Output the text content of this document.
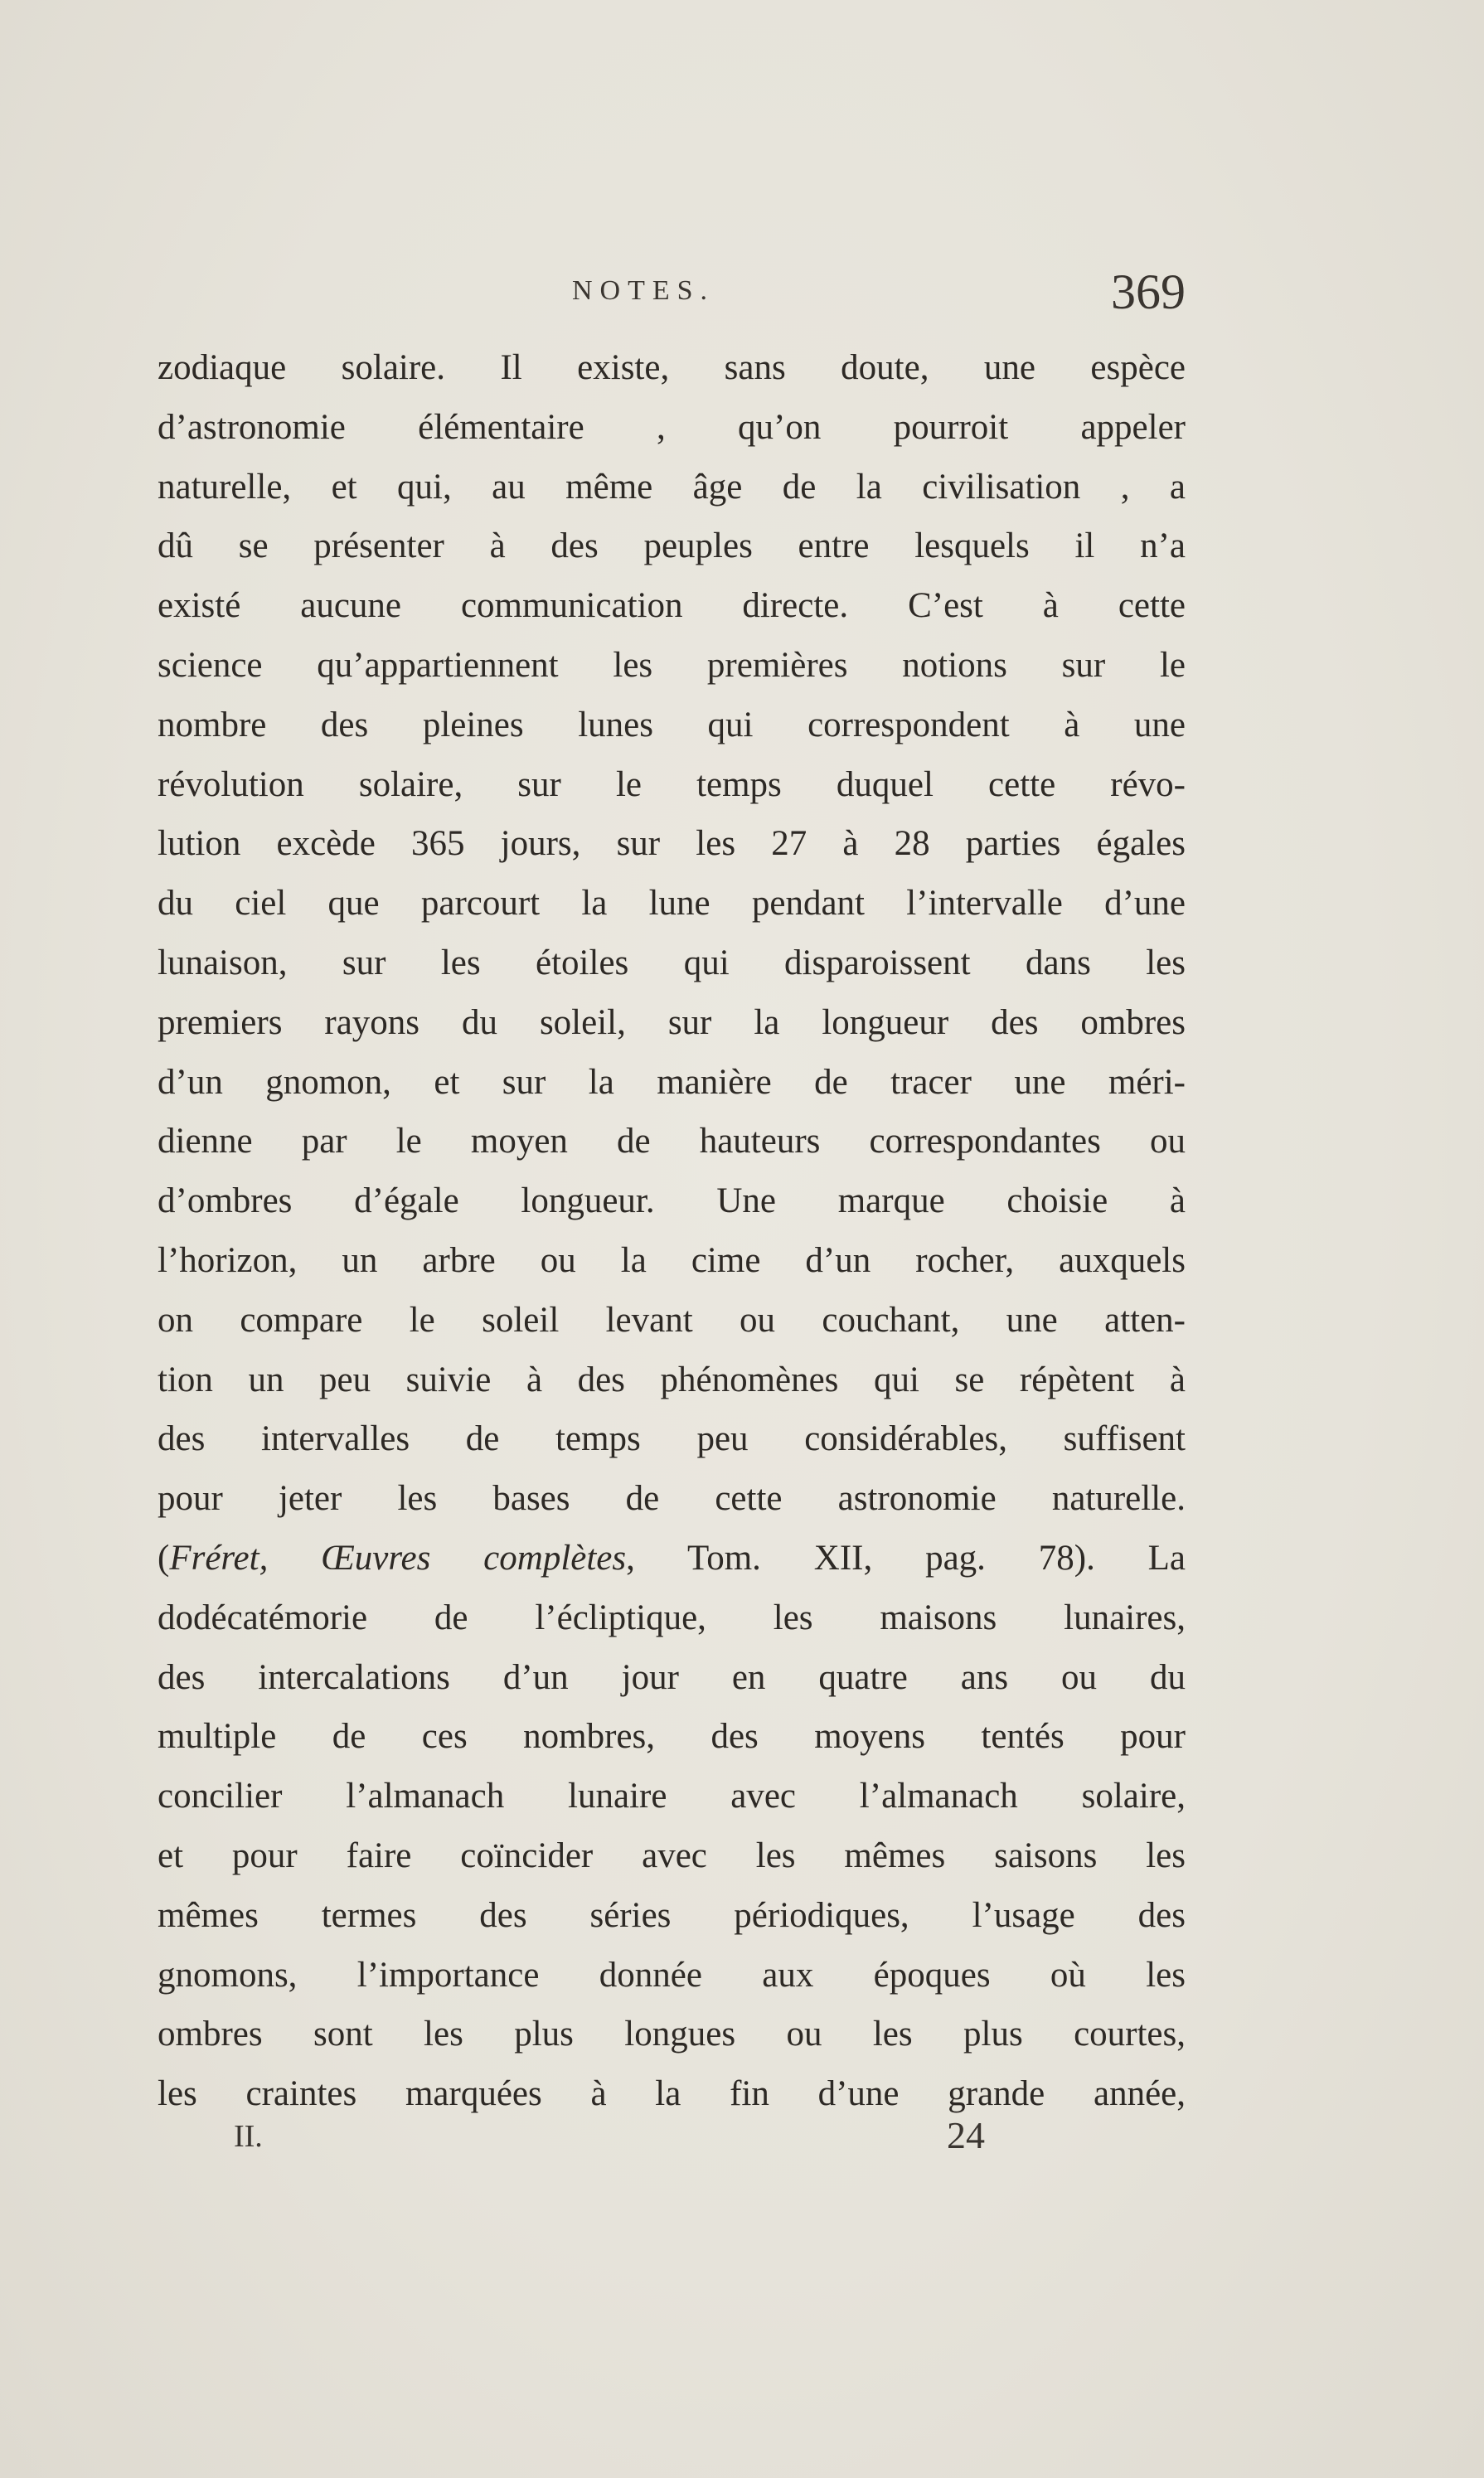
NOTES.	369
zodiaque solaire. Il existe, sans doute, une espèce
d’astronomie élémentaire , qu’on pourroit appeler
naturelle, et qui, au même âge de la civilisation , a
dû se présenter à des peuples entre lesquels il n’a
existé aucune communication directe. C’est à cette
science qu’appartiennent les premières notions sur le
nombre des pleines lunes qui correspondent à une
révolution solaire, sur le temps duquel cette révo-
lution excède 365 jours, sur les 27 à 28 parties égales
du ciel que parcourt la lune pendant l’intervalle d’une
lunaison, sur les étoiles qui disparoissent dans les
premiers rayons du soleil, sur la longueur des ombres
d’un gnomon, et sur la manière de tracer une méri-
dienne par le moyen de hauteurs correspondantes ou
d’ombres d’égale longueur. Une marque choisie à
l’horizon, un arbre ou la cime d’un rocher, auxquels
on compare le soleil levant ou couchant, une atten-
tion un peu suivie à des phénomènes qui se répètent à
des intervalles de temps peu considérables, suffisent
pour jeter les bases de cette astronomie naturelle.
(Fréret, Œuvres complètes, Tom. XII, pag. 78). La
dodécatémorie de l’écliptique, les maisons lunaires,
des intercalations d’un jour en quatre ans ou du
multiple de ces nombres, des moyens tentés pour
concilier l’almanach lunaire avec l’almanach solaire,
et pour faire coïncider avec les mêmes saisons les
mêmes termes des séries périodiques, l’usage des
gnomons, l’importance donnée aux époques où les
ombres sont les plus longues ou les plus courtes,
les craintes marquées à la fin d’une grande année,
II.	24
